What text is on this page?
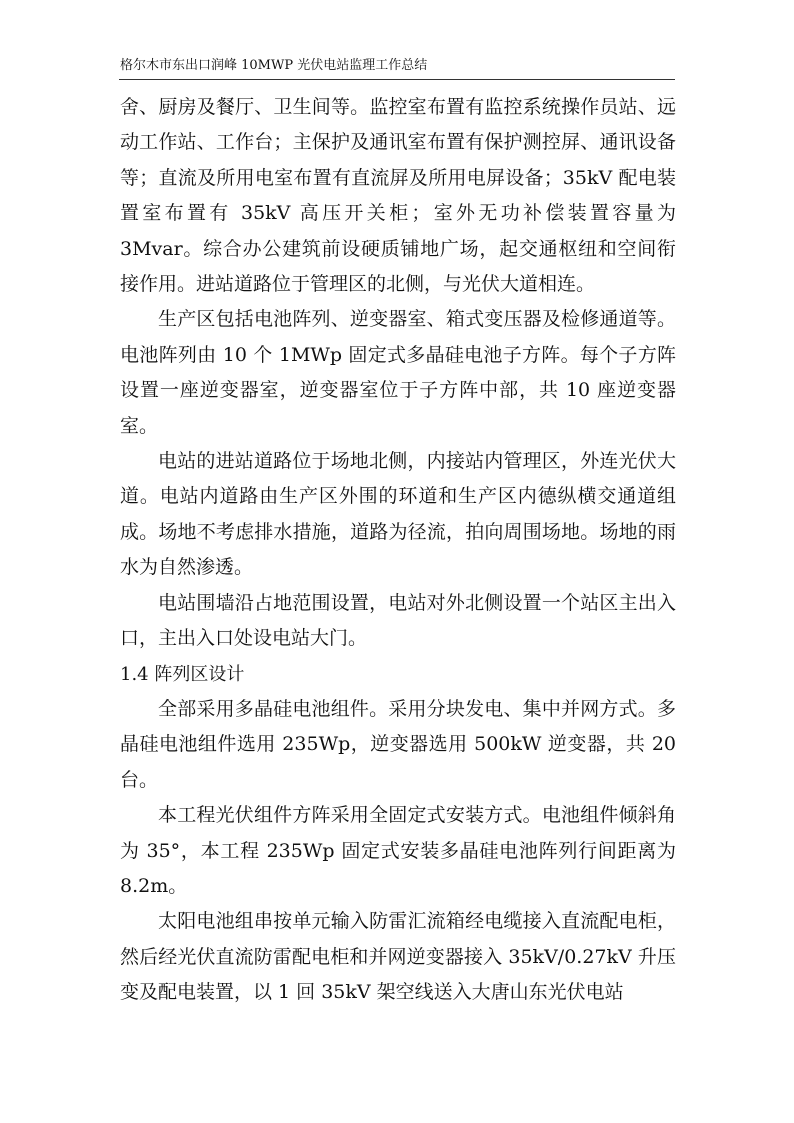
格尔木市东出口润峰 10MWP 光伏电站监理工作总结

舍、厨房及餐厅、卫生间等。监控室布置有监控系统操作员站、远动工作站、工作台；主保护及通讯室布置有保护测控屏、通讯设备等；直流及所用电室布置有直流屏及所用电屏设备；35kV 配电装置室布置有 35kV 高压开关柜；室外无功补偿装置容量为 3Mvar。综合办公建筑前设硬质铺地广场，起交通枢纽和空间衔接作用。进站道路位于管理区的北侧，与光伏大道相连。

生产区包括电池阵列、逆变器室、箱式变压器及检修通道等。电池阵列由 10 个 1MWp 固定式多晶硅电池子方阵。每个子方阵设置一座逆变器室，逆变器室位于子方阵中部，共 10 座逆变器室。

电站的进站道路位于场地北侧，内接站内管理区，外连光伏大道。电站内道路由生产区外围的环道和生产区内德纵横交通道组成。场地不考虑排水措施，道路为径流，拍向周围场地。场地的雨水为自然渗透。

电站围墙沿占地范围设置，电站对外北侧设置一个站区主出入口，主出入口处设电站大门。

1.4 阵列区设计

全部采用多晶硅电池组件。采用分块发电、集中并网方式。多晶硅电池组件选用 235Wp，逆变器选用 500kW 逆变器，共 20 台。

本工程光伏组件方阵采用全固定式安装方式。电池组件倾斜角为 35°，本工程 235Wp 固定式安装多晶硅电池阵列行间距离为 8.2m。

太阳电池组串按单元输入防雷汇流箱经电缆接入直流配电柜，然后经光伏直流防雷配电柜和并网逆变器接入 35kV/0.27kV 升压变及配电装置，以 1 回 35kV 架空线送入大唐山东光伏电站
